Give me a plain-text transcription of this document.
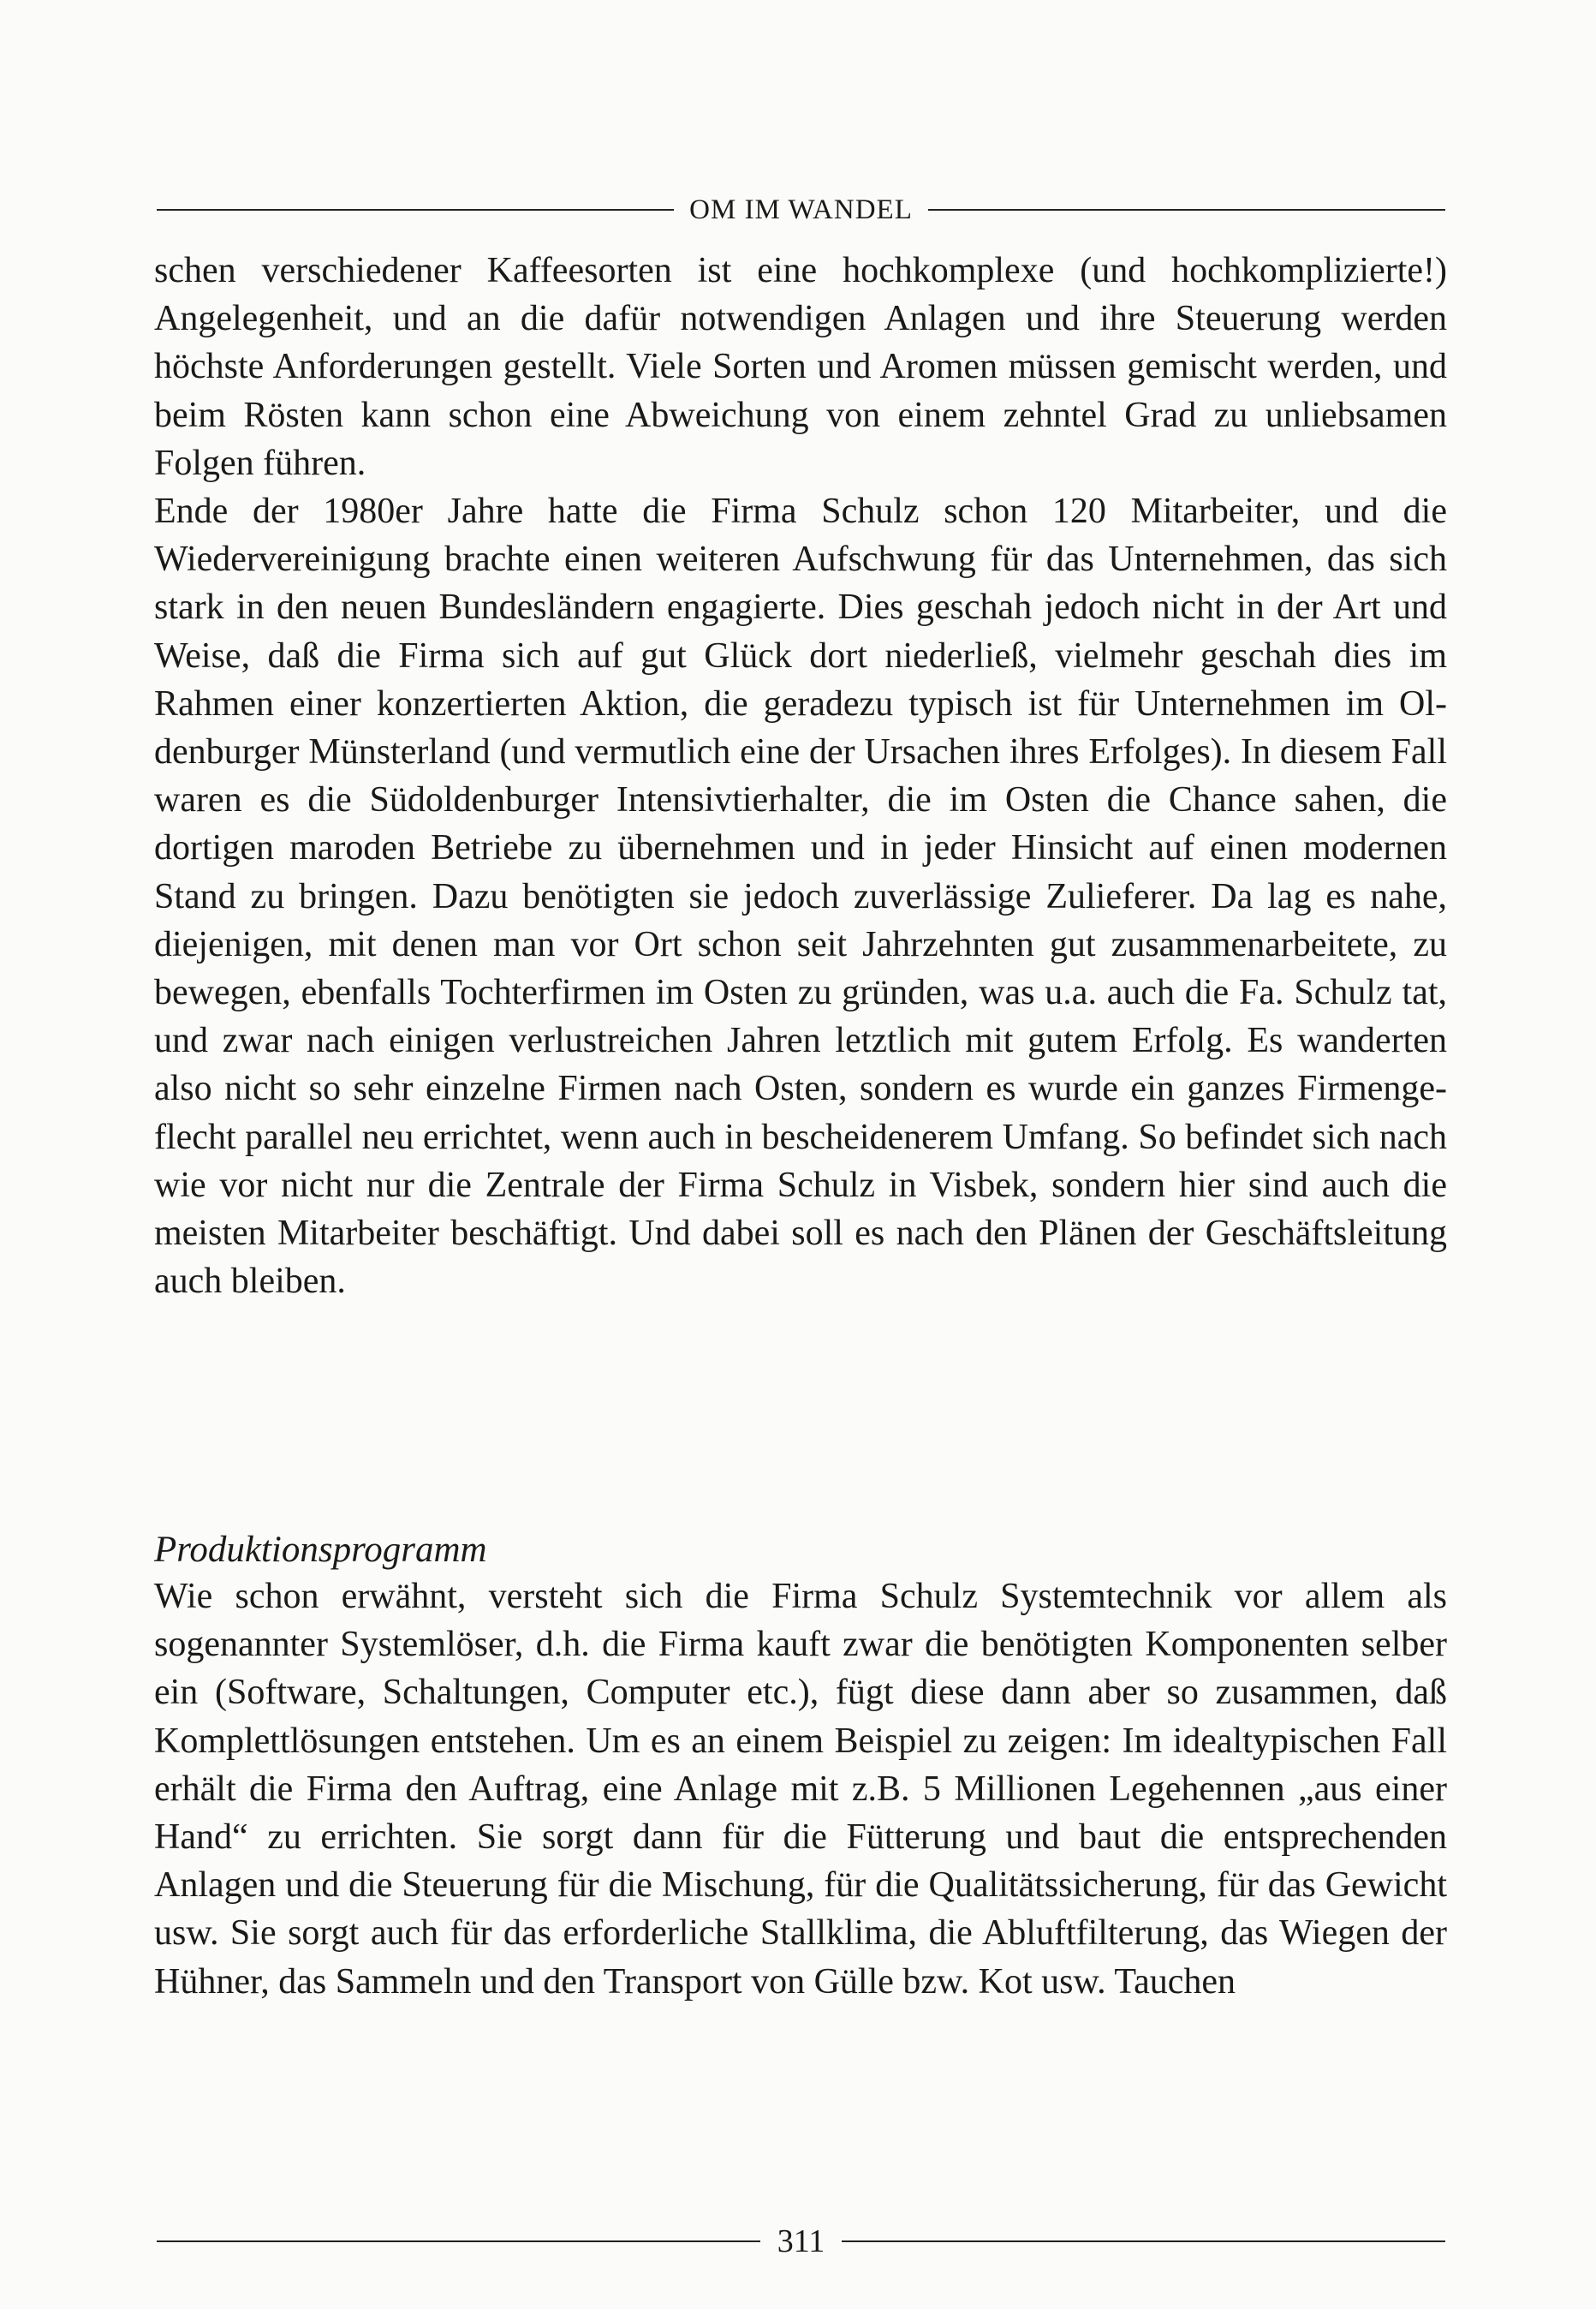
OM IM WANDEL

schen verschiedener Kaffeesorten ist eine hochkomplexe (und hochkomplizierte!) Angelegenheit, und an die dafür notwendigen Anlagen und ihre Steuerung werden höchste Anforderungen gestellt. Viele Sorten und Aromen müssen gemischt werden, und beim Rösten kann schon eine Abweichung von einem zehntel Grad zu unliebsamen Folgen führen.

Ende der 1980er Jahre hatte die Firma Schulz schon 120 Mitarbeiter, und die Wiedervereinigung brachte einen weiteren Aufschwung für das Unternehmen, das sich stark in den neuen Bundesländern engagierte. Dies geschah jedoch nicht in der Art und Weise, daß die Firma sich auf gut Glück dort niederließ, vielmehr geschah dies im Rahmen einer konzertierten Aktion, die geradezu typisch ist für Unternehmen im Oldenburger Münsterland (und vermutlich eine der Ursachen ihres Erfolges). In diesem Fall waren es die Südoldenburger Intensivtierhalter, die im Osten die Chance sahen, die dortigen maroden Betriebe zu übernehmen und in jeder Hinsicht auf einen modernen Stand zu bringen. Dazu benötigten sie jedoch zuverlässige Zulieferer. Da lag es nahe, diejenigen, mit denen man vor Ort schon seit Jahrzehnten gut zusammenarbeitete, zu bewegen, ebenfalls Tochterfirmen im Osten zu gründen, was u.a. auch die Fa. Schulz tat, und zwar nach einigen verlustreichen Jahren letztlich mit gutem Erfolg. Es wanderten also nicht so sehr einzelne Firmen nach Osten, sondern es wurde ein ganzes Firmengeflecht parallel neu errichtet, wenn auch in bescheidenerem Umfang. So befindet sich nach wie vor nicht nur die Zentrale der Firma Schulz in Visbek, sondern hier sind auch die meisten Mitarbeiter beschäftigt. Und dabei soll es nach den Plänen der Geschäftsleitung auch bleiben.

Produktionsprogramm

Wie schon erwähnt, versteht sich die Firma Schulz Systemtechnik vor allem als sogenannter Systemlöser, d.h. die Firma kauft zwar die benötigten Komponenten selber ein (Software, Schaltungen, Computer etc.), fügt diese dann aber so zusammen, daß Komplettlösungen entstehen. Um es an einem Beispiel zu zeigen: Im idealtypischen Fall erhält die Firma den Auftrag, eine Anlage mit z.B. 5 Millionen Legehennen „aus einer Hand“ zu errichten. Sie sorgt dann für die Fütterung und baut die entsprechenden Anlagen und die Steuerung für die Mischung, für die Qualitätssicherung, für das Gewicht usw. Sie sorgt auch für das erforderliche Stallklima, die Abluftfilterung, das Wiegen der Hühner, das Sammeln und den Transport von Gülle bzw. Kot usw. Tauchen

311
